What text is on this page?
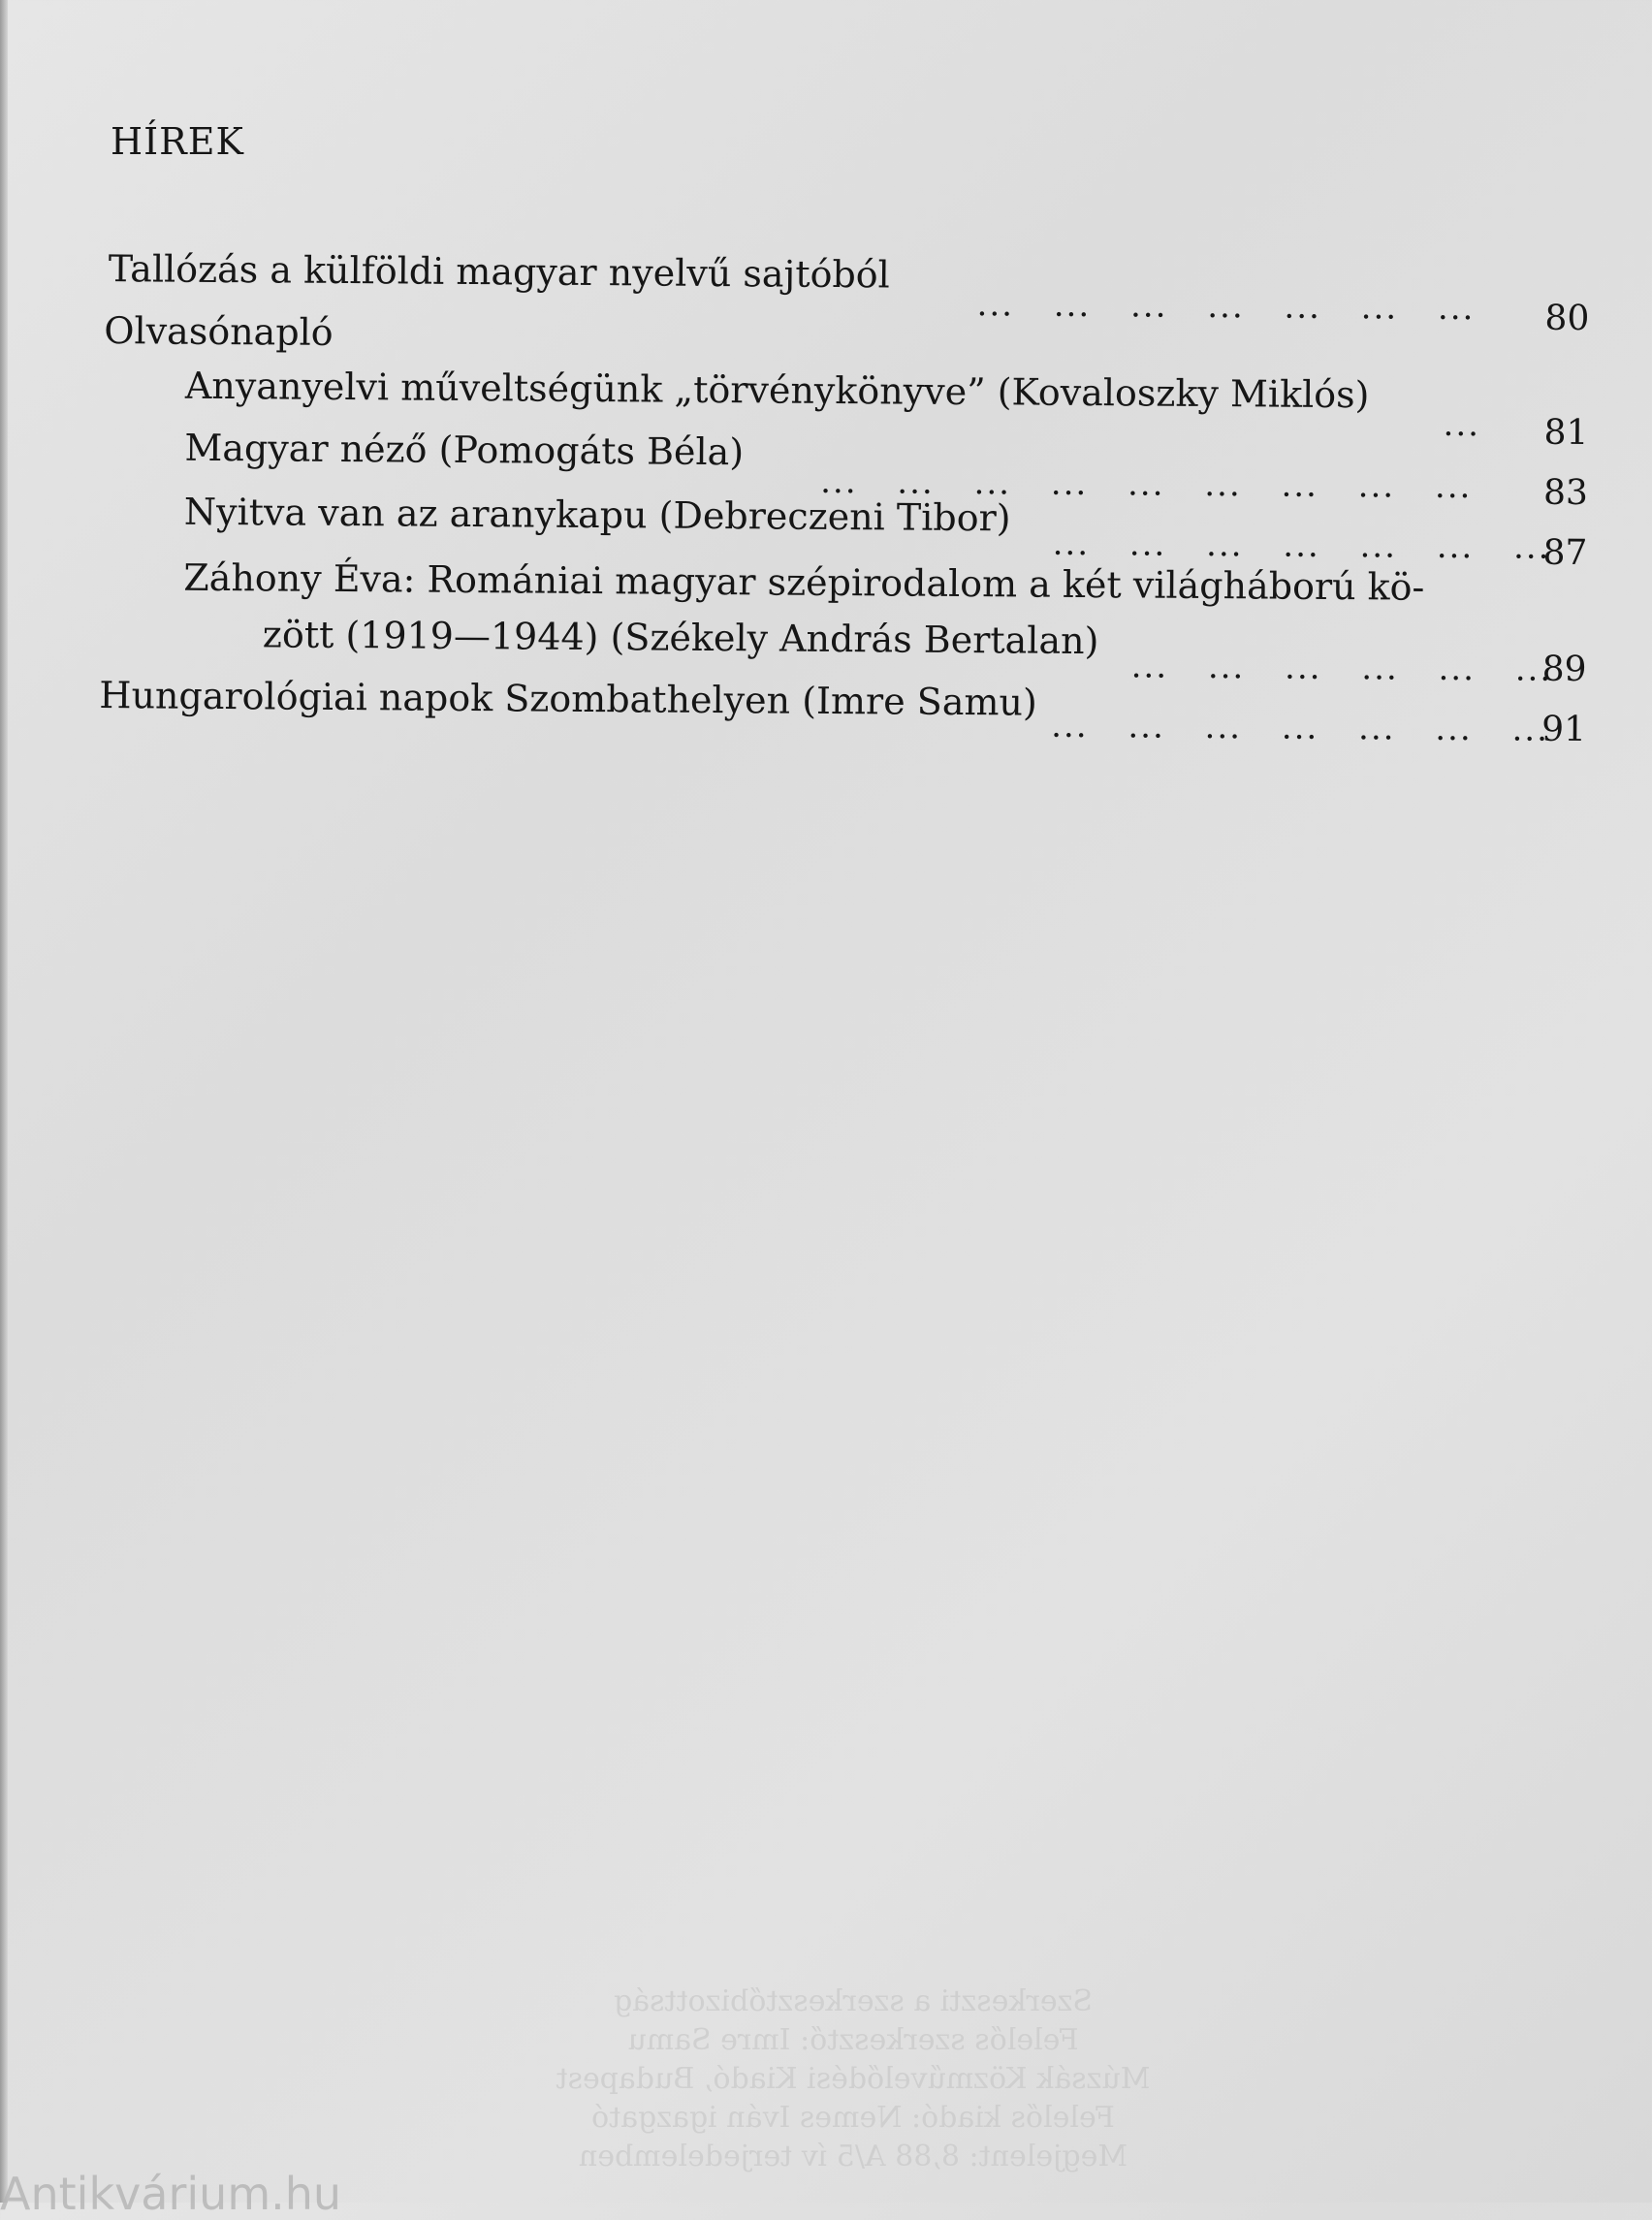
HÍREK
Tallózás a külföldi magyar nyelvű sajtóból
... ... ... ... ... ... ... 80
Olvasónapló
Anyanyelvi műveltségünk „törvénykönyve” (Kovaloszky Miklós)
... 81
Magyar néző (Pomogáts Béla)
... ... ... ... ... ... ... ... ... 83
Nyitva van az aranykapu (Debreczeni Tibor)
... ... ... ... ... ... ...
87
Záhony Éva: Romániai magyar szépirodalom a két világháború kö-
zött (1919—1944) (Székely András Bertalan)
... ... ... ... ... ...
89
Hungarológiai napok Szombathelyen (Imre Samu)
... ... ... ... ... ... ...
91
Szerkeszti a szerkesztőbizottság
Felelős szerkesztő: Imre Samu
Múzsák Közművelődési Kiadó, Budapest
Felelős kiadó: Nemes Iván igazgató
Megjelent: 8,88 A/5 ív terjedelemben
Antikvárium.hu
